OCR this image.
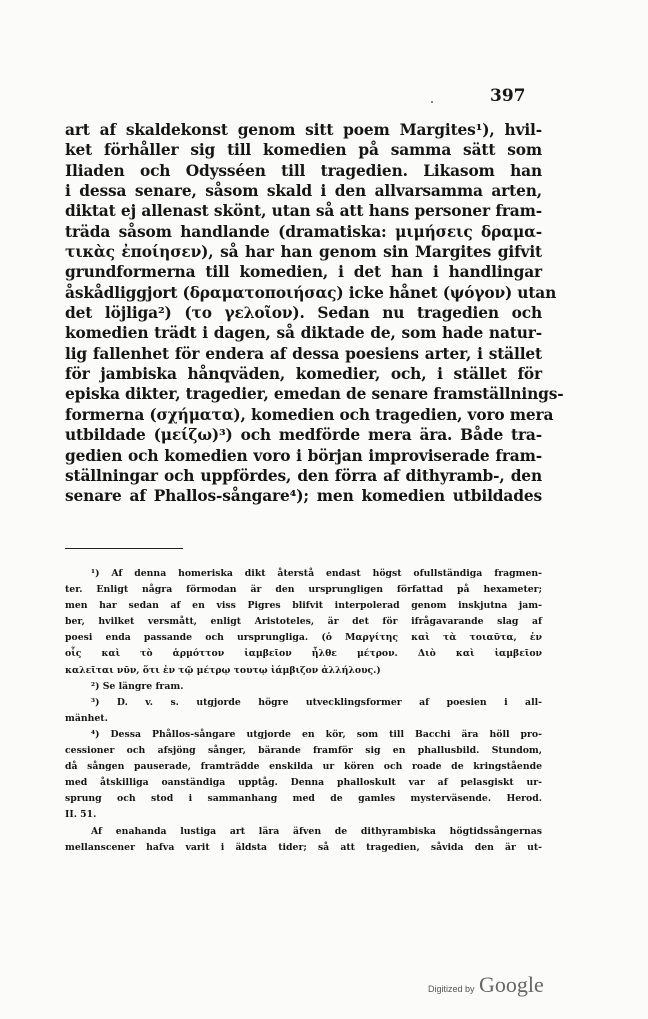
397
art af skaldekonst genom sitt poem Margites¹), hvil-
ket förhåller sig till komedien på samma sätt som
Iliaden och Odysséen till tragedien. Likasom han
i dessa senare, såsom skald i den allvarsamma arten,
diktat ej allenast skönt, utan så att hans personer fram-
träda såsom handlande (dramatiska: μιμήσεις δραμα-
τικὰς ἐποίησεν), så har han genom sin Margites gifvit
grundformerna till komedien, i det han i handlingar
åskådliggjort (δραματοποιήσας) icke hånet (ψόγον) utan
det löjliga²) (το γελοῖον). Sedan nu tragedien och
komedien trädt i dagen, så diktade de, som hade natur-
lig fallenhet för endera af dessa poesiens arter, i stället
för jambiska hånqväden, komedier, och, i stället för
episka dikter, tragedier, emedan de senare framställnings-
formerna (σχήματα), komedien och tragedien, voro mera
utbildade (μείζω)³) och medförde mera ära. Både tra-
gedien och komedien voro i början improviserade fram-
ställningar och uppfördes, den förra af dithyramb-, den
senare af Phallos-sångare⁴); men komedien utbildades
¹) Af denna homeriska dikt återstå endast högst ofullständiga fragmen-
ter. Enligt några förmodan är den ursprungligen författad på hexameter;
men har sedan af en viss Pigres blifvit interpolerad genom inskjutna jam-
ber, hvilket versmått, enligt Aristoteles, är det för ifrågavarande slag af
poesi enda passande och ursprungliga. (ὁ Μαργίτης καὶ τὰ τοιαῦτα, ἐν
οἷς καὶ τὸ ἁρμόττον ἰαμβεῖον ἦλθε μέτρον. Διὸ καὶ ἰαμβεῖον
καλεῖται νῦν, ὅτι ἐν τῷ μέτρῳ τουτῳ ἰάμβιζον ἀλλήλους.)
²) Se längre fram.
³) D. v. s. utgjorde högre utvecklingsformer af poesien i all-
mänhet.
⁴) Dessa Phållos-sångare utgjorde en kör, som till Bacchi ära höll pro-
cessioner och afsjöng sånger, bärande framför sig en phallusbild. Stundom,
då sången pauserade, framträdde enskilda ur kören och roade de kringstående
med åtskilliga oanständiga upptåg. Denna phalloskult var af pelasgiskt ur-
sprung och stod i sammanhang med de gamles mysterväsende. Herod.
II. 51.
Af enahanda lustiga art lära äfven de dithyrambiska högtidssångernas
mellanscener hafva varit i äldsta tider; så att tragedien, såvida den är ut-
Digitized by Google
